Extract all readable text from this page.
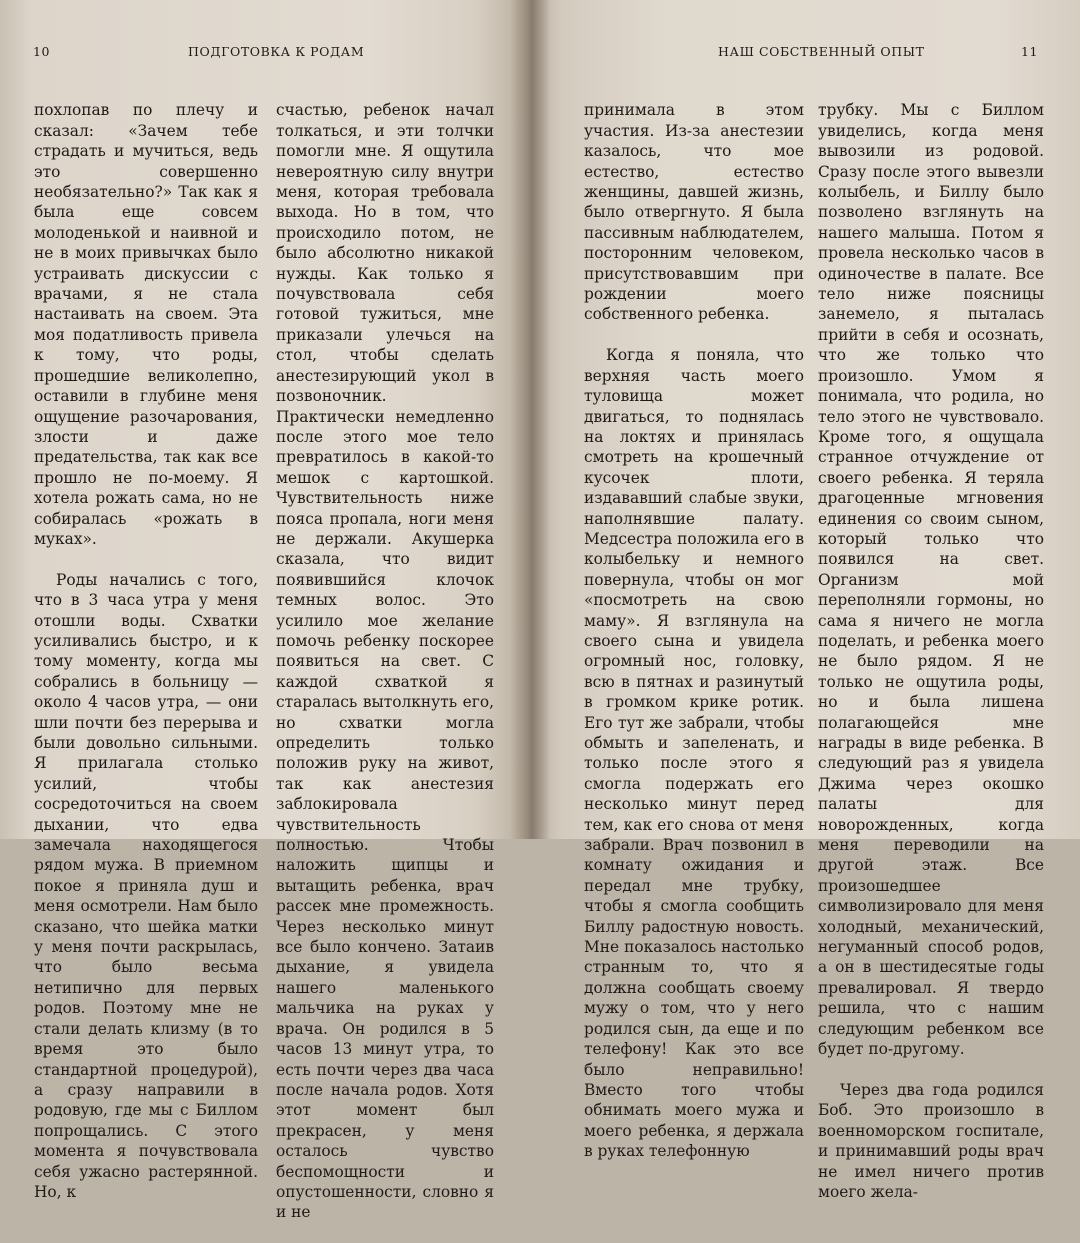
10	ПОДГОТОВКА К РОДАМ

похлопав по плечу и сказал: «Зачем тебе страдать и мучиться, ведь это совершенно необязательно?» Так как я была еще совсем молоденькой и наивной и не в моих привычках было устраивать дискуссии с врачами, я не стала настаивать на своем. Эта моя податливость привела к тому, что роды, прошедшие великолепно, оставили в глубине меня ощущение разочарования, злости и даже предательства, так как все прошло не по-моему. Я хотела рожать сама, но не собиралась «рожать в муках».

Роды начались с того, что в 3 часа утра у меня отошли воды. Схватки усиливались быстро, и к тому моменту, когда мы собрались в больницу — около 4 часов утра, — они шли почти без перерыва и были довольно сильными. Я прилагала столько усилий, чтобы сосредоточиться на своем дыхании, что едва замечала находящегося рядом мужа. В приемном покое я приняла душ и меня осмотрели. Нам было сказано, что шейка матки у меня почти раскрылась, что было весьма нетипично для первых родов. Поэтому мне не стали делать клизму (в то время это было стандартной процедурой), а сразу направили в родовую, где мы с Биллом попрощались. С этого момента я почувствовала себя ужасно растерянной. Но, к

счастью, ребенок начал толкаться, и эти толчки помогли мне. Я ощутила невероятную силу внутри меня, которая требовала выхода. Но в том, что происходило потом, не было абсолютно никакой нужды. Как только я почувствовала себя готовой тужиться, мне приказали улечься на стол, чтобы сделать анестезирующий укол в позвоночник. Практически немедленно после этого мое тело превратилось в какой-то мешок с картошкой. Чувствительность ниже пояса пропала, ноги меня не держали. Акушерка сказала, что видит появившийся клочок темных волос. Это усилило мое желание помочь ребенку поскорее появиться на свет. С каждой схваткой я старалась вытолкнуть его, но схватки могла определить только положив руку на живот, так как анестезия заблокировала чувствительность полностью. Чтобы наложить щипцы и вытащить ребенка, врач рассек мне промежность. Через несколько минут все было кончено. Затаив дыхание, я увидела нашего маленького мальчика на руках у врача. Он родился в 5 часов 13 минут утра, то есть почти через два часа после начала родов. Хотя этот момент был прекрасен, у меня осталось чувство беспомощности и опустошенности, словно я и не

НАШ СОБСТВЕННЫЙ ОПЫТ	11

принимала в этом участия. Из-за анестезии казалось, что мое естество, естество женщины, давшей жизнь, было отвергнуто. Я была пассивным наблюдателем, посторонним человеком, присутствовавшим при рождении моего собственного ребенка.

Когда я поняла, что верхняя часть моего туловища может двигаться, то поднялась на локтях и принялась смотреть на крошечный кусочек плоти, издававший слабые звуки, наполнявшие палату. Медсестра положила его в колыбельку и немного повернула, чтобы он мог «посмотреть на свою маму». Я взглянула на своего сына и увидела огромный нос, головку, всю в пятнах и разинутый в громком крике ротик. Его тут же забрали, чтобы обмыть и запеленать, и только после этого я смогла подержать его несколько минут перед тем, как его снова от меня забрали. Врач позвонил в комнату ожидания и передал мне трубку, чтобы я смогла сообщить Биллу радостную новость. Мне показалось настолько странным то, что я должна сообщать своему мужу о том, что у него родился сын, да еще и по телефону! Как это все было неправильно! Вместо того чтобы обнимать моего мужа и моего ребенка, я держала в руках телефонную

трубку. Мы с Биллом увиделись, когда меня вывозили из родовой. Сразу после этого вывезли колыбель, и Биллу было позволено взглянуть на нашего малыша. Потом я провела несколько часов в одиночестве в палате. Все тело ниже поясницы занемело, я пыталась прийти в себя и осознать, что же только что произошло. Умом я понимала, что родила, но тело этого не чувствовало. Кроме того, я ощущала странное отчуждение от своего ребенка. Я теряла драгоценные мгновения единения со своим сыном, который только что появился на свет. Организм мой переполняли гормоны, но сама я ничего не могла поделать, и ребенка моего не было рядом. Я не только не ощутила роды, но и была лишена полагающейся мне награды в виде ребенка. В следующий раз я увидела Джима через окошко палаты для новорожденных, когда меня переводили на другой этаж. Все произошедшее символизировало для меня холодный, механический, негуманный способ родов, а он в шестидесятые годы превалировал. Я твердо решила, что с нашим следующим ребенком все будет по-другому.

Через два года родился Боб. Это произошло в военноморском госпитале, и принимавший роды врач не имел ничего против моего жела-
